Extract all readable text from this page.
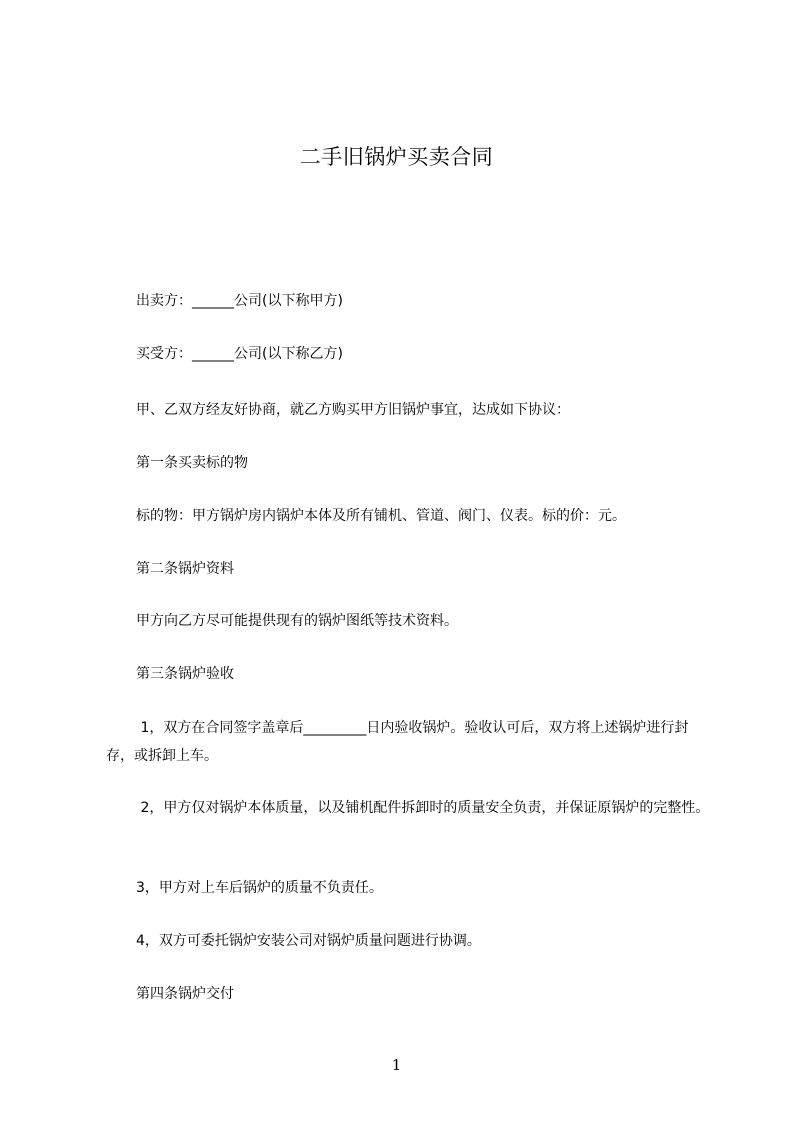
二手旧锅炉买卖合同

出卖方：______公司(以下称甲方)

买受方：______公司(以下称乙方)

甲、乙双方经友好协商，就乙方购买甲方旧锅炉事宜，达成如下协议：

第一条买卖标的物

标的物：甲方锅炉房内锅炉本体及所有铺机、管道、阀门、仪表。标的价：元。

第二条锅炉资料

甲方向乙方尽可能提供现有的锅炉图纸等技术资料。

第三条锅炉验收

1，双方在合同签字盖章后_________日内验收锅炉。验收认可后，双方将上述锅炉进行封存，或拆卸上车。

2，甲方仅对锅炉本体质量，以及铺机配件拆卸时的质量安全负责，并保证原锅炉的完整性。

3，甲方对上车后锅炉的质量不负责任。

4，双方可委托锅炉安装公司对锅炉质量问题进行协调。

第四条锅炉交付

1
